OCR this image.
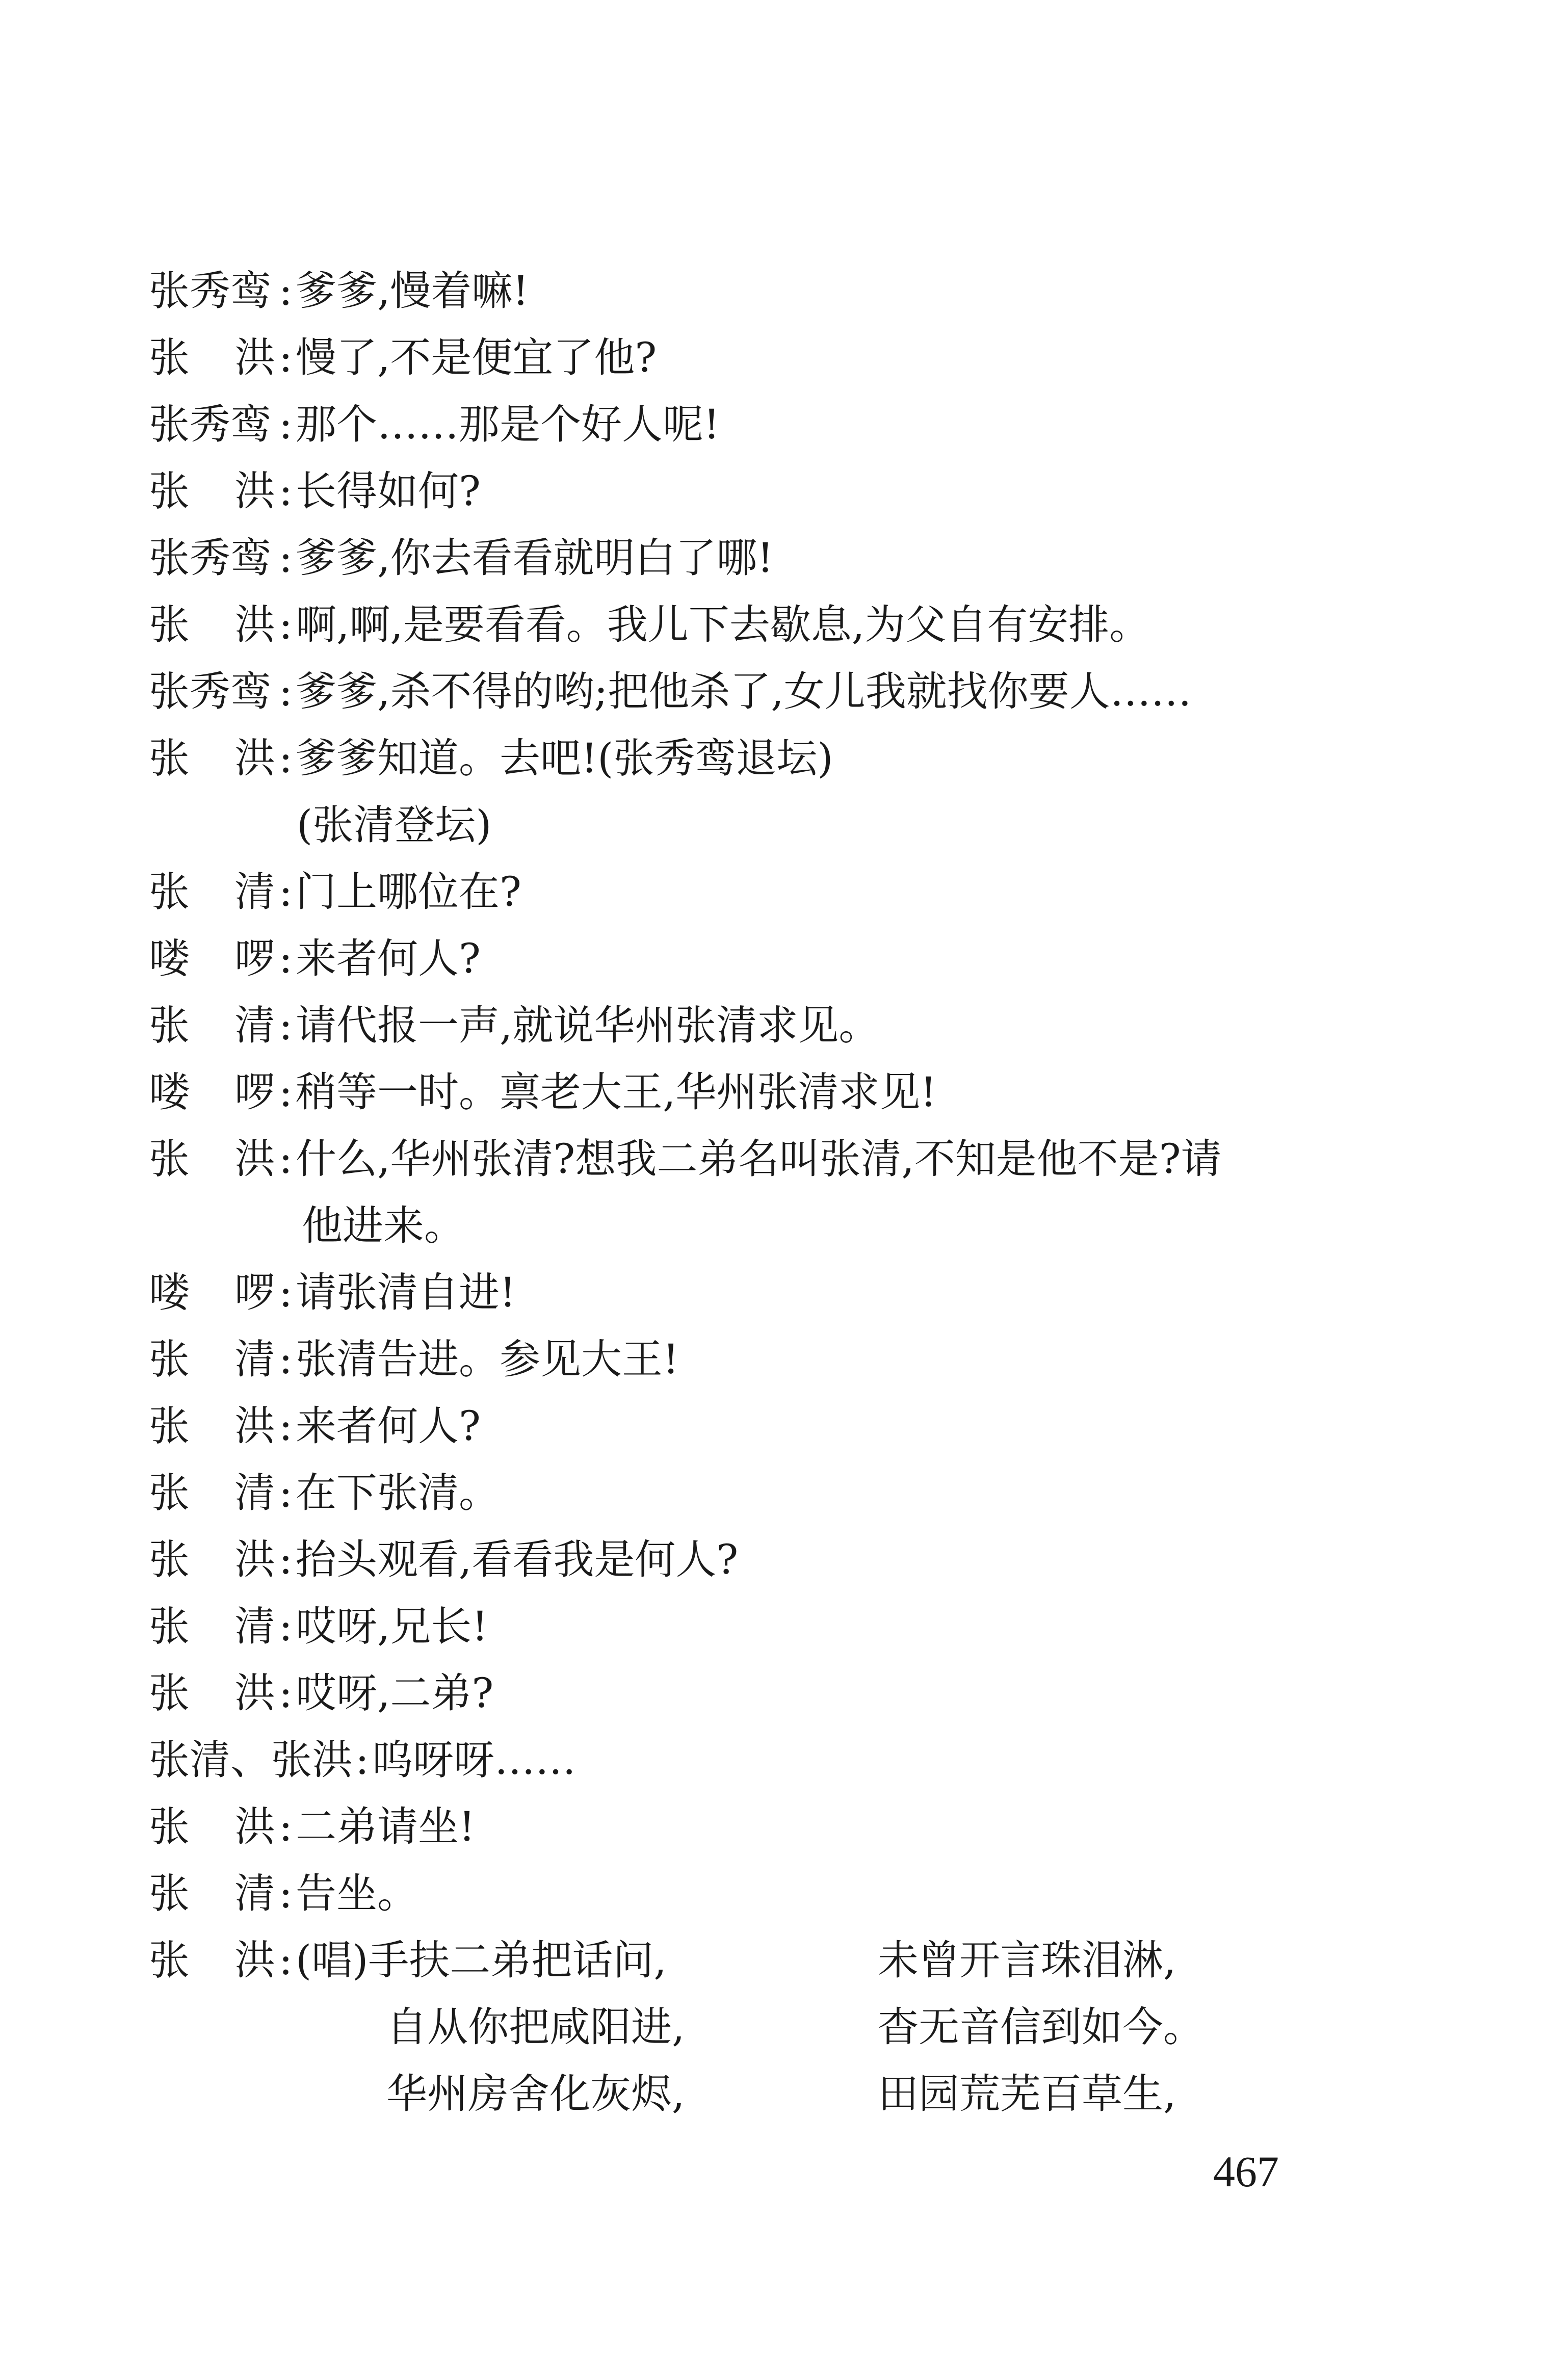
张秀鸾 : 爹爹,慢着嘛!
张 洪 : 慢了,不是便宜了他?
张秀鸾 : 那个……那是个好人呢!
张 洪 : 长得如何?
张秀鸾 : 爹爹,你去看看就明白了哪!
张 洪 : 啊,啊,是要看看。我儿下去歇息,为父自有安排。
张秀鸾 : 爹爹,杀不得的哟;把他杀了,女儿我就找你要人……
张 洪 : 爹爹知道。去吧!(张秀鸾退坛)
(张清登坛)
张 清 : 门上哪位在?
喽 啰 : 来者何人?
张 清 : 请代报一声,就说华州张清求见。
喽 啰 : 稍等一时。禀老大王,华州张清求见!
张 洪 : 什么,华州张清?想我二弟名叫张清,不知是他不是?请
他进来。
喽 啰 : 请张清自进!
张 清 : 张清告进。参见大王!
张 洪 : 来者何人?
张 清 : 在下张清。
张 洪 : 抬头观看,看看我是何人?
张 清 : 哎呀,兄长!
张 洪 : 哎呀,二弟?
张清、张洪 : 呜呀呀……
张 洪 : 二弟请坐!
张 清 : 告坐。
张 洪 : (唱)手扶二弟把话问,	未曾开言珠泪淋,
自从你把咸阳进,	杳无音信到如今。
华州房舍化灰烬,	田园荒芜百草生,
467
